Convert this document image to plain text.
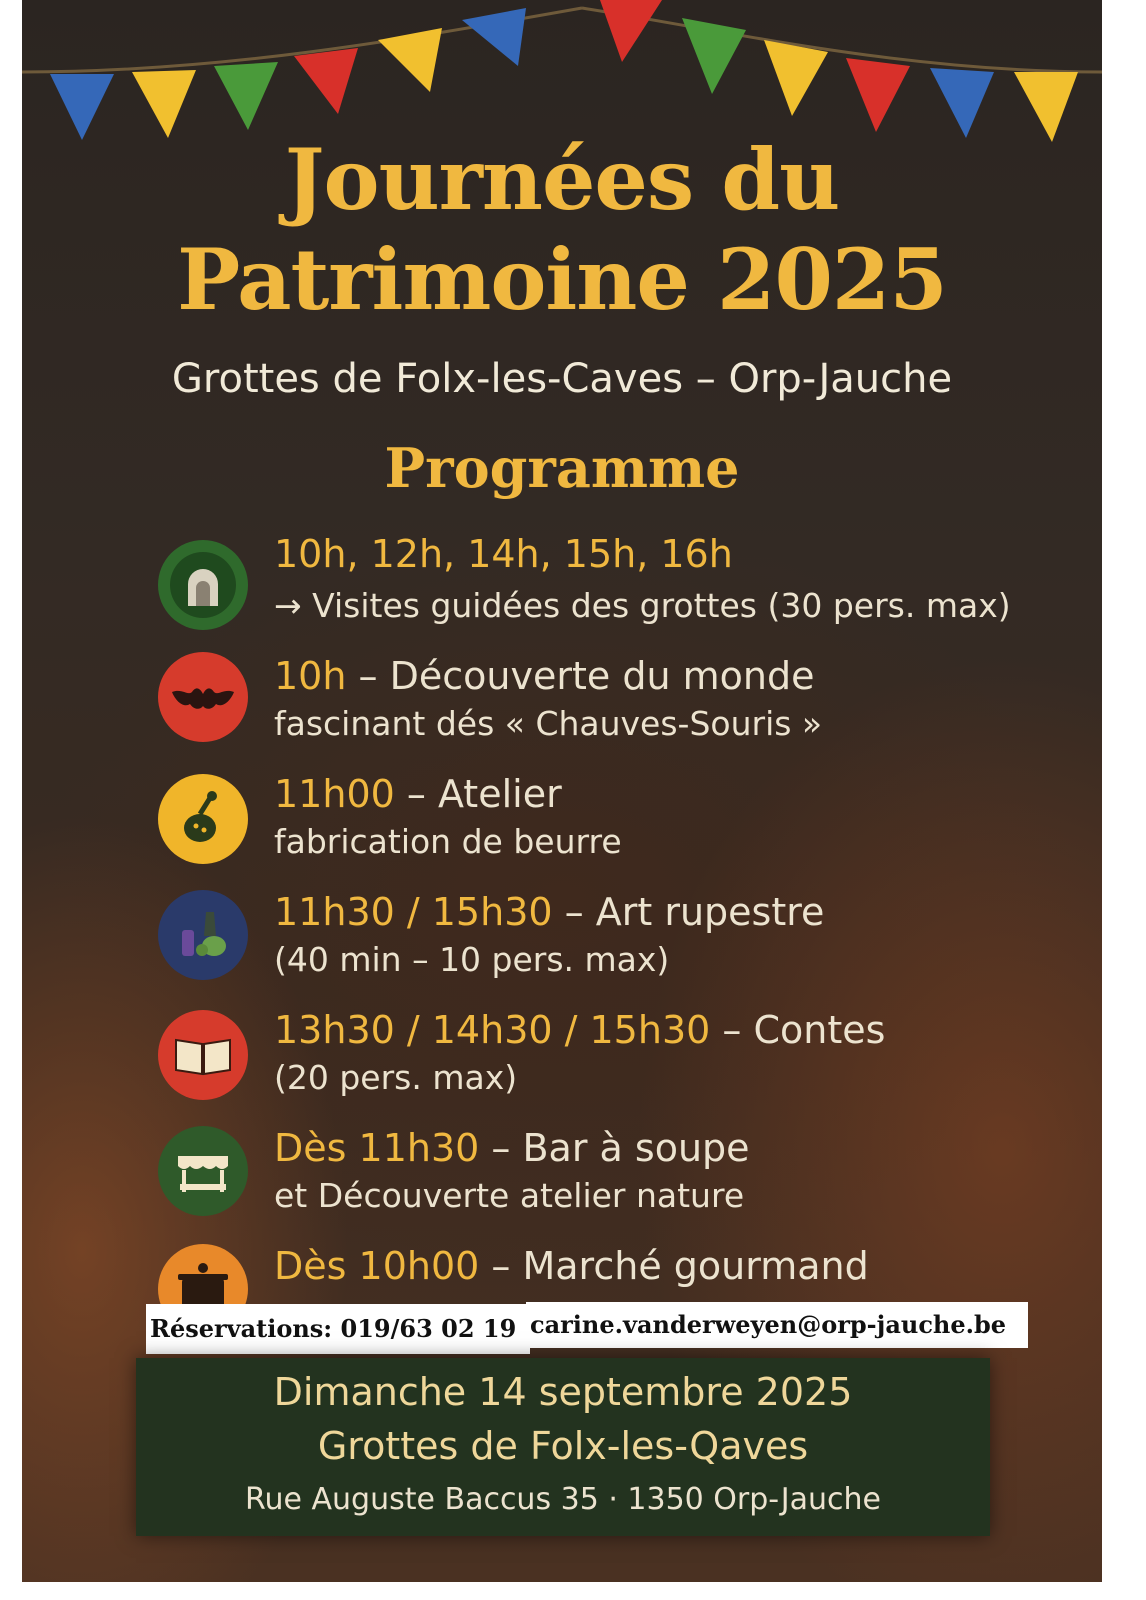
Journées du
Patrimoine 2025

Grottes de Folx-les-Caves – Orp-Jauche

Programme
10h, 12h, 14h, 15h, 16h
→ Visites guidées des grottes (30 pers. max)
10h – Découverte du monde
fascinant dés « Chauves-Souris »
11h00 – Atelier
fabrication de beurre
11h30 / 15h30 – Art rupestre
(40 min – 10 pers. max)
13h30 / 14h30 / 15h30 – Contes
(20 pers. max)
Dès 11h30 – Bar à soupe
et Découverte atelier nature
Dès 10h00 – Marché gourmand
Réservations: 019/63 02 19 carine.vanderweyen@orp-jauche.be
Dimanche 14 septembre 2025
Grottes de Folx-les-Qaves
Rue Auguste Baccus 35 · 1350 Orp-Jauche
